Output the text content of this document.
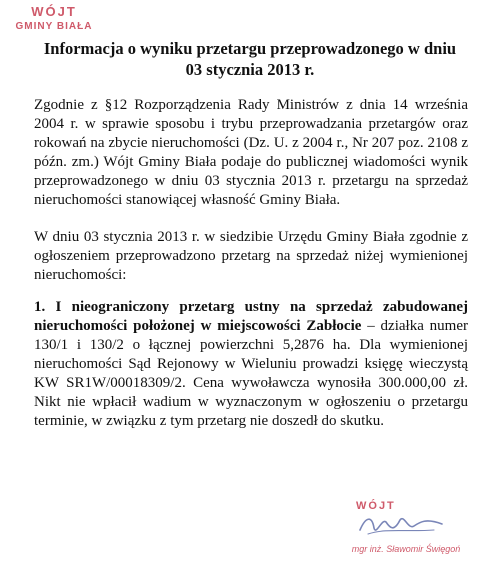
WÓJT
GMINY BIAŁA
Informacja o wyniku przetargu przeprowadzonego w dniu
03 stycznia 2013 r.
Zgodnie z §12 Rozporządzenia Rady Ministrów z dnia 14 września 2004 r. w sprawie sposobu i trybu przeprowadzania przetargów oraz rokowań na zbycie nieruchomości (Dz. U. z 2004 r., Nr 207 poz. 2108 z późn. zm.) Wójt Gminy Biała podaje do publicznej wiadomości wynik przeprowadzonego w dniu 03 stycznia 2013 r. przetargu na sprzedaż nieruchomości stanowiącej własność Gminy Biała.
W dniu 03 stycznia 2013 r. w siedzibie Urzędu Gminy Biała zgodnie z ogłoszeniem przeprowadzono przetarg na sprzedaż niżej wymienionej nieruchomości:
1. I nieograniczony przetarg ustny na sprzedaż zabudowanej nieruchomości położonej w miejscowości Zabłocie – działka numer 130/1 i 130/2 o łącznej powierzchni 5,2876 ha. Dla wymienionej nieruchomości Sąd Rejonowy w Wieluniu prowadzi księgę wieczystą KW SR1W/00018309/2. Cena wywoławcza wynosiła 300.000,00 zł. Nikt nie wpłacił wadium w wyznaczonym w ogłoszeniu o przetargu terminie, w związku z tym przetarg nie doszedł do skutku.
WÓJT
mgr inż. Sławomir Święgoń
